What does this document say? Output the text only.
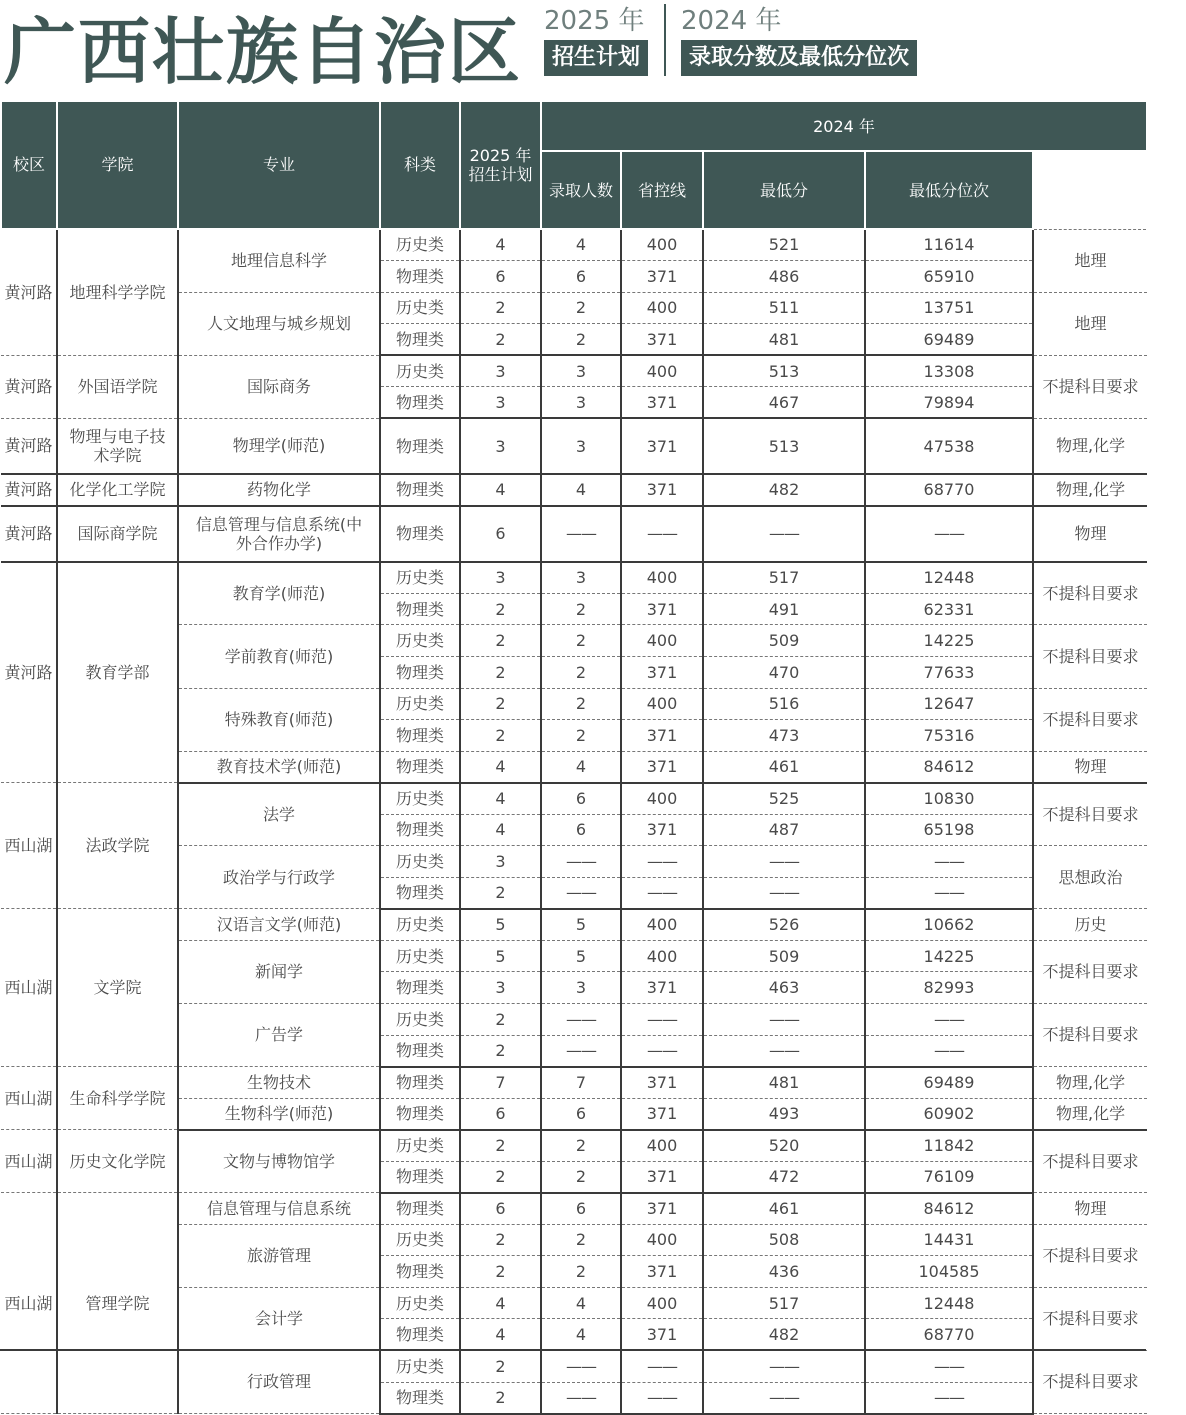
广西壮族自治区 2025 年
招生计划
2024 年
录取分数及最低分位次
校区	学院	专业	科类	2025 年 招生计划	2024 年					2025 选考科目 要求
					录取人数	省控线	最低分	最低分位次		
黄河路	地理科学学院	地理信息科学	历史类	4	4	400	521	11614	地理	
			物理类	6	6	371	486	65910		
		人文地理与城乡规划	历史类	2	2	400	511	13751	地理	
			物理类	2	2	371	481	69489		
黄河路	外国语学院	国际商务	历史类	3	3	400	513	13308	不提科目要求	
			物理类	3	3	371	467	79894		
黄河路	物理与电子技术学院	物理学(师范)	物理类	3	3	371	513	47538	物理,化学	
黄河路	化学化工学院	药物化学	物理类	4	4	371	482	68770	物理,化学	
黄河路	国际商学院	信息管理与信息系统(中外合作办学)	物理类	6	——	——	——	——	物理	
黄河路	教育学部	教育学(师范)	历史类	3	3	400	517	12448	不提科目要求	
			物理类	2	2	371	491	62331		
		学前教育(师范)	历史类	2	2	400	509	14225	不提科目要求	
			物理类	2	2	371	470	77633		
		特殊教育(师范)	历史类	2	2	400	516	12647	不提科目要求	
			物理类	2	2	371	473	75316		
		教育技术学(师范)	物理类	4	4	371	461	84612	物理	
西山湖	法政学院	法学	历史类	4	6	400	525	10830	不提科目要求	
			物理类	4	6	371	487	65198		
		政治学与行政学	历史类	3	——	——	——	——	思想政治	
			物理类	2	——	——	——	——		
西山湖	文学院	汉语言文学(师范)	历史类	5	5	400	526	10662	历史	
		新闻学	历史类	5	5	400	509	14225	不提科目要求	
			物理类	3	3	371	463	82993		
		广告学	历史类	2	——	——	——	——	不提科目要求	
			物理类	2	——	——	——	——		
西山湖	生命科学学院	生物技术	物理类	7	7	371	481	69489	物理,化学	
		生物科学(师范)	物理类	6	6	371	493	60902	物理,化学	
西山湖	历史文化学院	文物与博物馆学	历史类	2	2	400	520	11842	不提科目要求	
			物理类	2	2	371	472	76109		
西山湖	管理学院	信息管理与信息系统	物理类	6	6	371	461	84612	物理	
		旅游管理	历史类	2	2	400	508	14431	不提科目要求	
			物理类	2	2	371	436	104585		
		会计学	历史类	4	4	400	517	12448	不提科目要求	
			物理类	4	4	371	482	68770		
		行政管理	历史类	2	——	——	——	——	不提科目要求	
			物理类	2	——	——	——	——		
